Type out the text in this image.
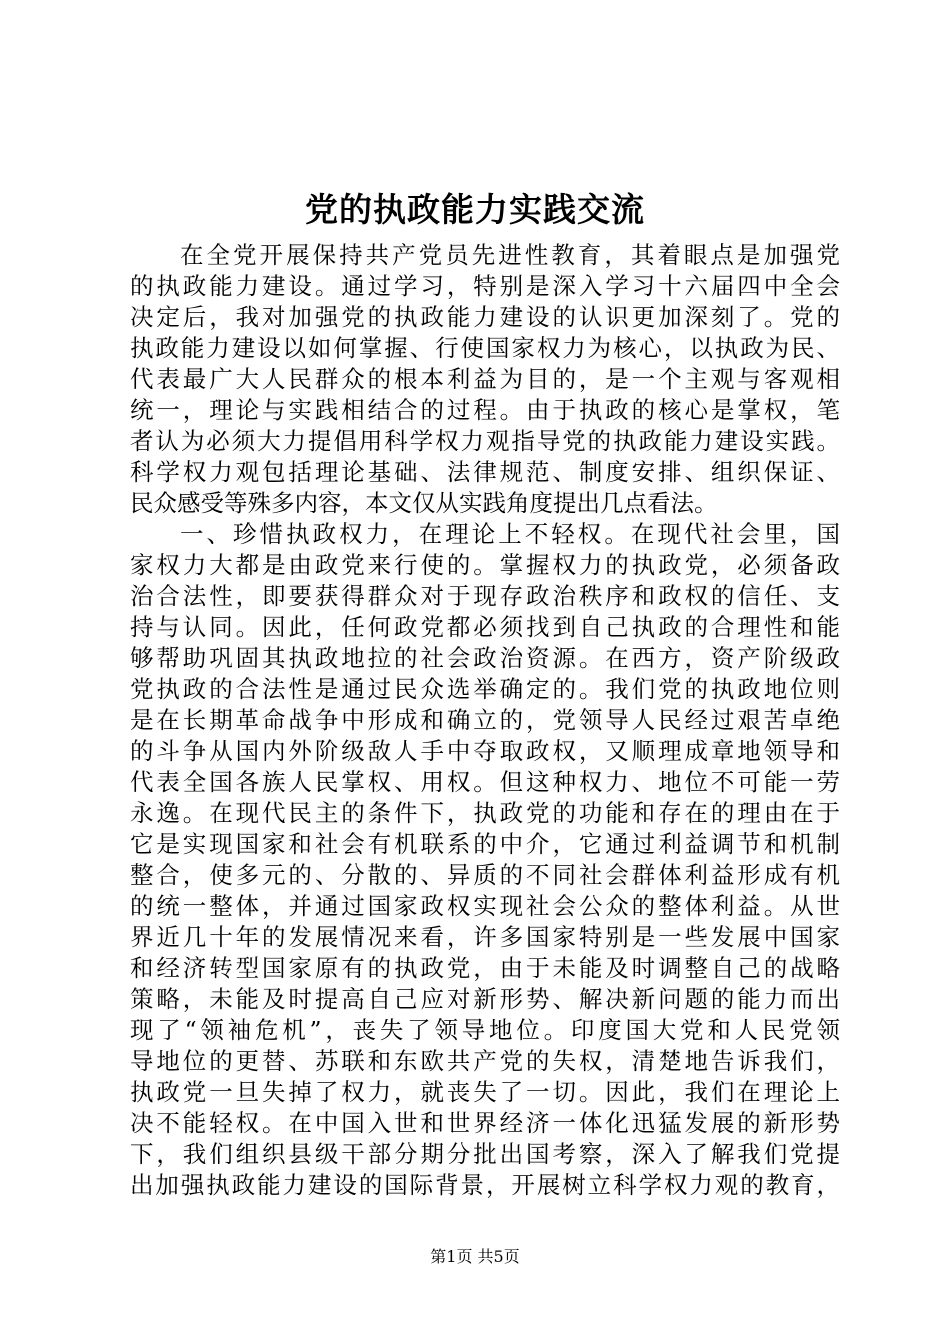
党的执政能力实践交流
在全党开展保持共产党员先进性教育，其着眼点是加强党
的执政能力建设。通过学习，特别是深入学习十六届四中全会
决定后，我对加强党的执政能力建设的认识更加深刻了。党的
执政能力建设以如何掌握、行使国家权力为核心，以执政为民、
代表最广大人民群众的根本利益为目的，是一个主观与客观相
统一，理论与实践相结合的过程。由于执政的核心是掌权，笔
者认为必须大力提倡用科学权力观指导党的执政能力建设实践。
科学权力观包括理论基础、法律规范、制度安排、组织保证、
民众感受等殊多内容，本文仅从实践角度提出几点看法。
一、珍惜执政权力，在理论上不轻权。在现代社会里，国
家权力大都是由政党来行使的。掌握权力的执政党，必须备政
治合法性，即要获得群众对于现存政治秩序和政权的信任、支
持与认同。因此，任何政党都必须找到自己执政的合理性和能
够帮助巩固其执政地拉的社会政治资源。在西方，资产阶级政
党执政的合法性是通过民众选举确定的。我们党的执政地位则
是在长期革命战争中形成和确立的，党领导人民经过艰苦卓绝
的斗争从国内外阶级敌人手中夺取政权，又顺理成章地领导和
代表全国各族人民掌权、用权。但这种权力、地位不可能一劳
永逸。在现代民主的条件下，执政党的功能和存在的理由在于
它是实现国家和社会有机联系的中介，它通过利益调节和机制
整合，使多元的、分散的、异质的不同社会群体利益形成有机
的统一整体，并通过国家政权实现社会公众的整体利益。从世
界近几十年的发展情况来看，许多国家特别是一些发展中国家
和经济转型国家原有的执政党，由于未能及时调整自己的战略
策略，未能及时提高自己应对新形势、解决新问题的能力而出
现了“领袖危机”，丧失了领导地位。印度国大党和人民党领
导地位的更替、苏联和东欧共产党的失权，清楚地告诉我们，
执政党一旦失掉了权力，就丧失了一切。因此，我们在理论上
决不能轻权。在中国入世和世界经济一体化迅猛发展的新形势
下，我们组织县级干部分期分批出国考察，深入了解我们党提
出加强执政能力建设的国际背景，开展树立科学权力观的教育，
第1页 共5页
